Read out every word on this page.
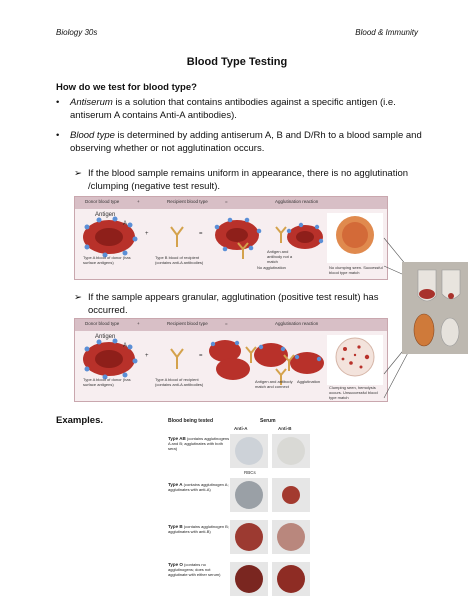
Biology 30s	Blood & Immunity
Blood Type Testing
How do we test for blood type?
• Antiserum is a solution that contains antibodies against a specific antigen (i.e. antiserum A contains Anti-A antibodies).
• Blood type is determined by adding antiserum A, B and D/Rh to a blood sample and observing whether or not agglutination occurs.
➢ If the blood sample remains uniform in appearance, there is no agglutination /clumping (negative test result).
Donor blood type	+	Recipient blood type	=	Agglutination reaction
Antigen
A
+	=
Type A blood of donor (has surface antigens)
Type B blood of recipient (contains anti-A antibodies)
Antigen and antibody not a match
No agglutination	No clumping seen. Successful blood type match
➢ If the sample appears granular, agglutination (positive test result) has occurred.
Donor blood type	+	Recipient blood type	=	Agglutination reaction
Antigen
A
+	=
Type A blood of donor (has surface antigens)
Type A blood of recipient (contains anti-A antibodies)
Antigen and antibody match and connect
Agglutination
Clumping seen, hemolysis occurs. Unsuccessful blood type match
Examples.	Blood being tested	Serum
Anti-A	Anti-B
Type AB (contains agglutinogens A and B; agglutinates with both sera)
RBCs
Type A (contains agglutinogen A; agglutinates with anti-A)
Type B (contains agglutinogen B; agglutinates with anti-B)
Type O (contains no agglutinogens; does not agglutinate with either serum)
